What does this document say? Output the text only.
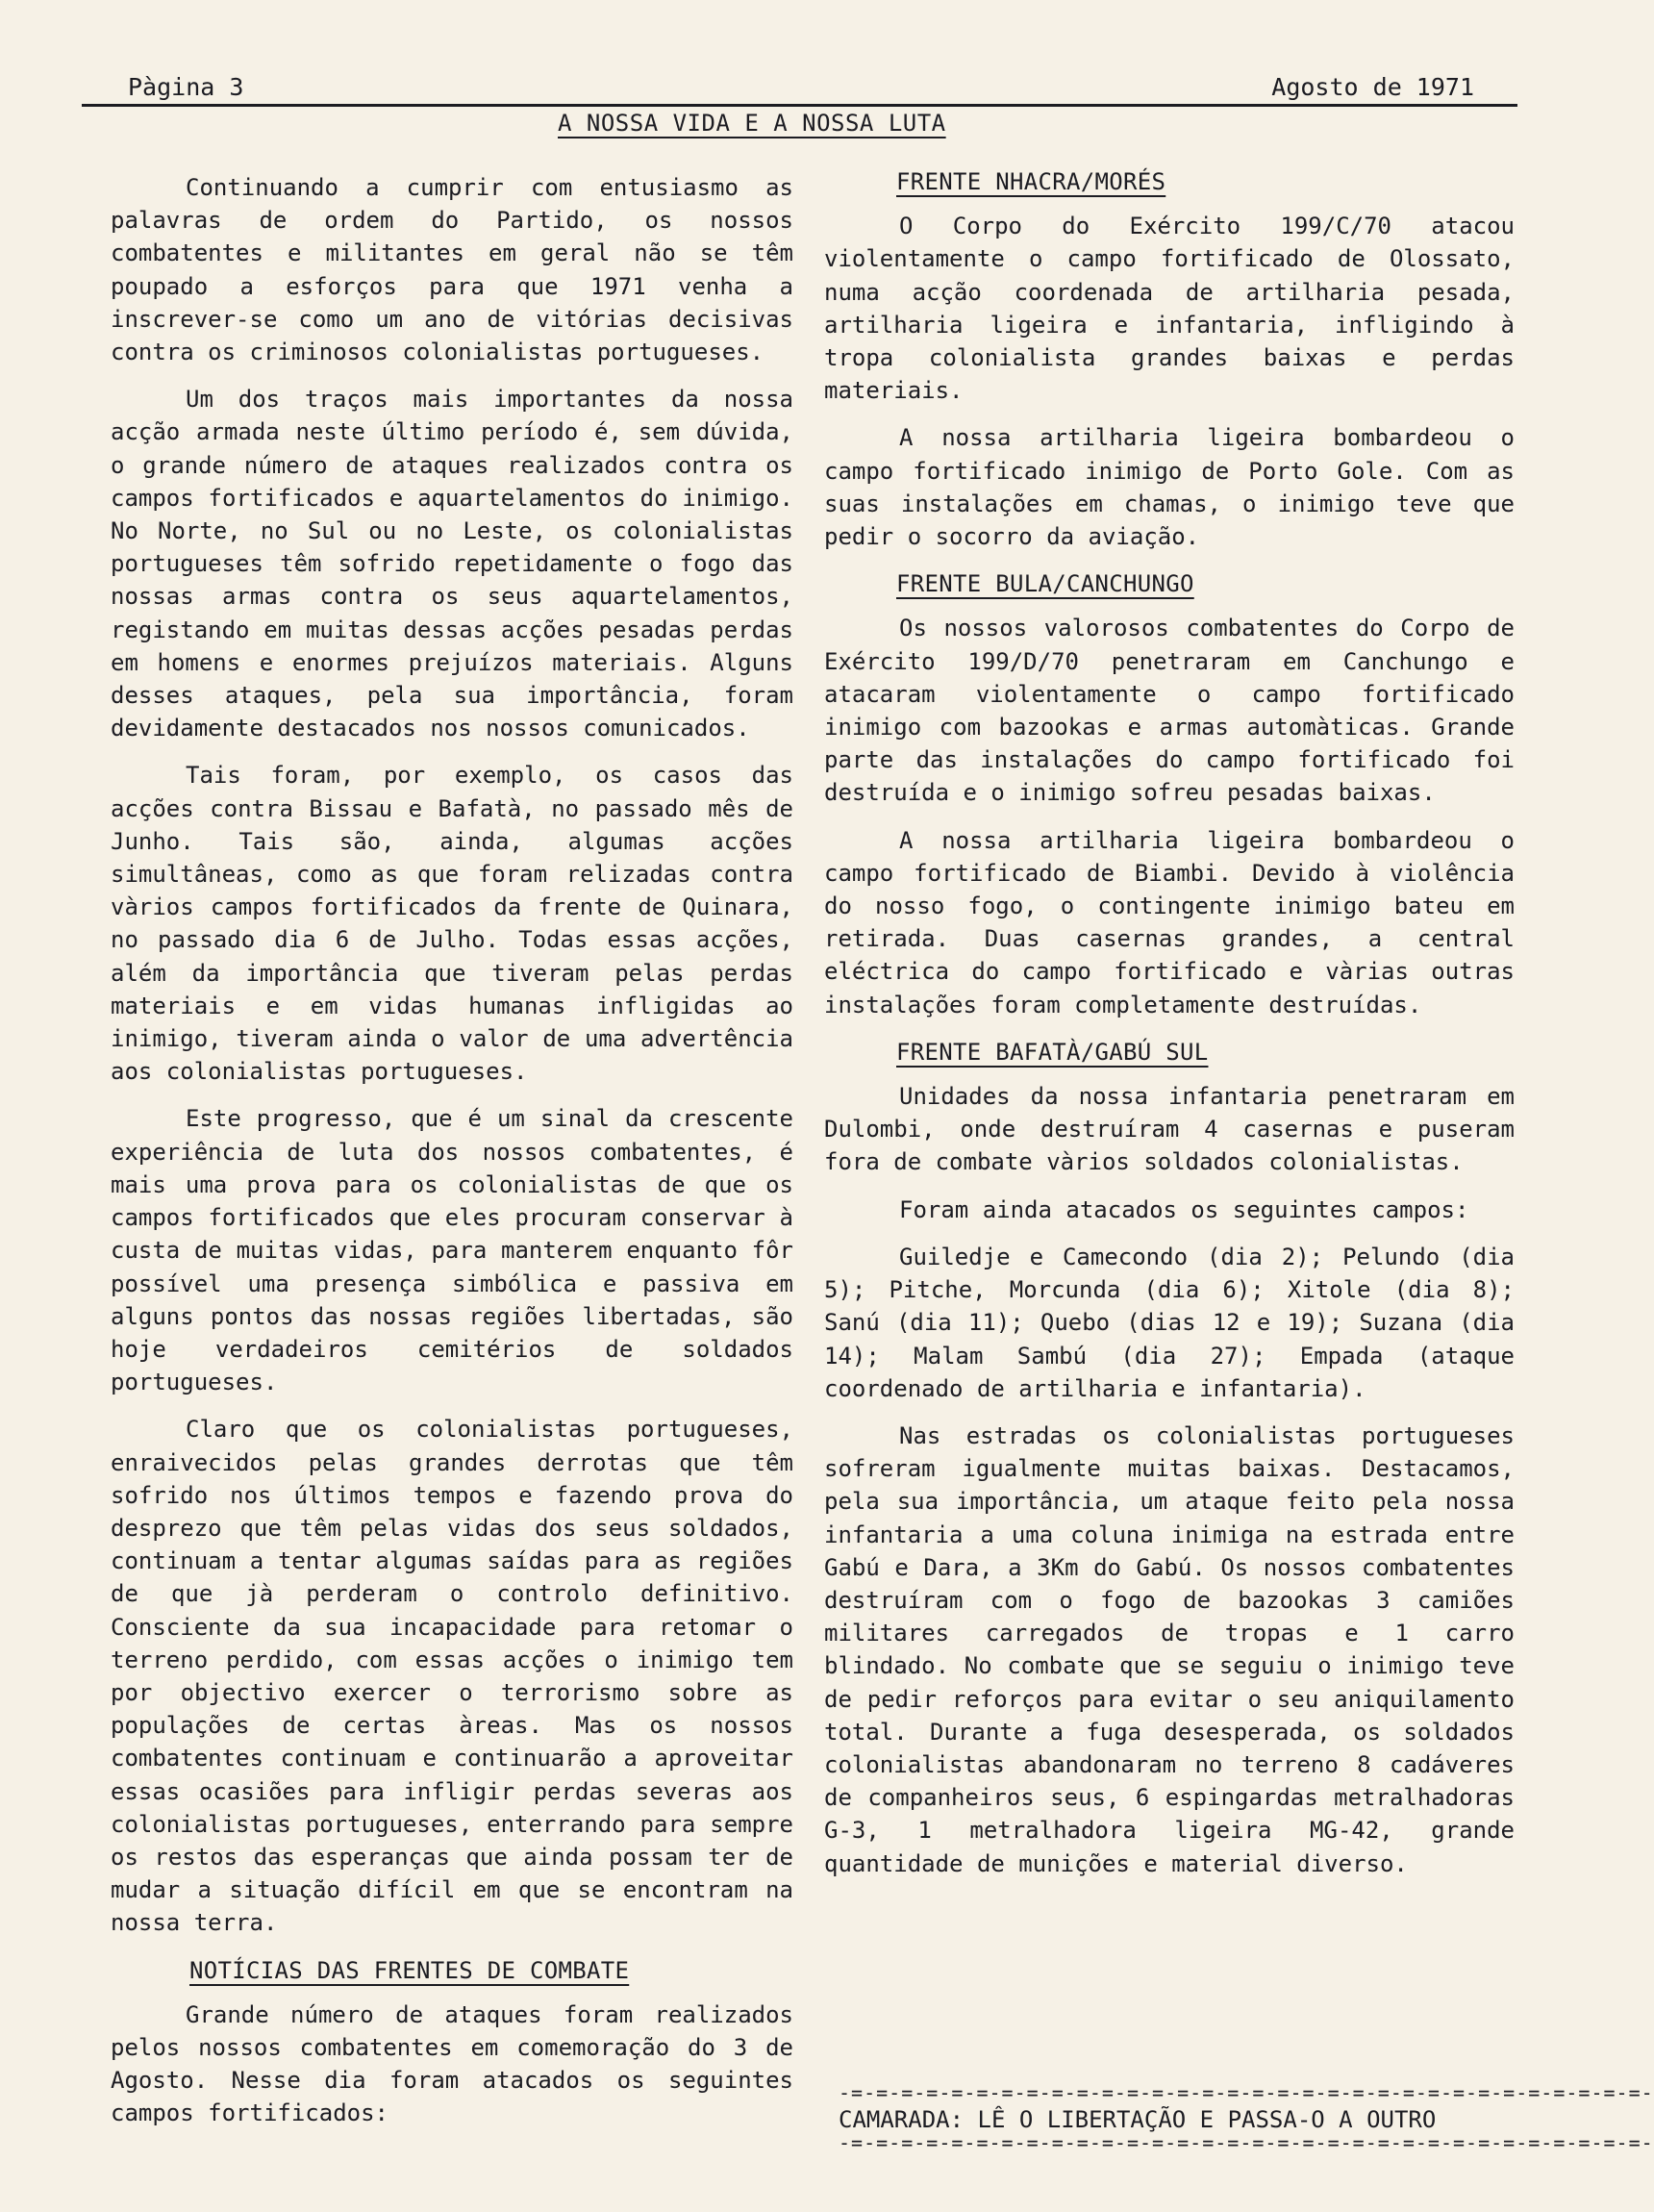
Pàgina 3	Agosto de 1971
A NOSSA VIDA E A NOSSA LUTA

Continuando a cumprir com entusiasmo as palavras de ordem do Partido, os nossos combatentes e militantes em geral não se têm poupado a esforços para que 1971 venha a inscrever-se como um ano de vitórias decisivas contra os criminosos colonialistas portugueses.

Um dos traços mais importantes da nossa acção armada neste último período é, sem dúvida, o grande número de ataques realizados contra os campos fortificados e aquartelamentos do inimigo. No Norte, no Sul ou no Leste, os colonialistas portugueses têm sofrido repetidamente o fogo das nossas armas contra os seus aquartelamentos, registando em muitas dessas acções pesadas perdas em homens e enormes prejuízos materiais. Alguns desses ataques, pela sua importância, foram devidamente destacados nos nossos comunicados.

Tais foram, por exemplo, os casos das acções contra Bissau e Bafatà, no passado mês de Junho. Tais são, ainda, algumas acções simultâneas, como as que foram relizadas contra vàrios campos fortificados da frente de Quinara, no passado dia 6 de Julho. Todas essas acções, além da importância que tiveram pelas perdas materiais e em vidas humanas infligidas ao inimigo, tiveram ainda o valor de uma advertência aos colonialistas portugueses.

Este progresso, que é um sinal da crescente experiência de luta dos nossos combatentes, é mais uma prova para os colonialistas de que os campos fortificados que eles procuram conservar à custa de muitas vidas, para manterem enquanto fôr possível uma presença simbólica e passiva em alguns pontos das nossas regiões libertadas, são hoje verdadeiros cemitérios de soldados portugueses.

Claro que os colonialistas portugueses, enraivecidos pelas grandes derrotas que têm sofrido nos últimos tempos e fazendo prova do desprezo que têm pelas vidas dos seus soldados, continuam a tentar algumas saídas para as regiões de que jà perderam o controlo definitivo. Consciente da sua incapacidade para retomar o terreno perdido, com essas acções o inimigo tem por objectivo exercer o terrorismo sobre as populações de certas àreas. Mas os nossos combatentes continuam e continuarão a aproveitar essas ocasiões para infligir perdas severas aos colonialistas portugueses, enterrando para sempre os restos das esperanças que ainda possam ter de mudar a situação difícil em que se encontram na nossa terra.

NOTÍCIAS DAS FRENTES DE COMBATE

Grande número de ataques foram realizados pelos nossos combatentes em comemoração do 3 de Agosto. Nesse dia foram atacados os seguintes campos fortificados:

FRENTE NHACRA/MORÉS

O Corpo do Exército 199/C/70 atacou violentamente o campo fortificado de Olossato, numa acção coordenada de artilharia pesada, artilharia ligeira e infantaria, infligindo à tropa colonialista grandes baixas e perdas materiais.

A nossa artilharia ligeira bombardeou o campo fortificado inimigo de Porto Gole. Com as suas instalações em chamas, o inimigo teve que pedir o socorro da aviação.

FRENTE BULA/CANCHUNGO

Os nossos valorosos combatentes do Corpo de Exército 199/D/70 penetraram em Canchungo e atacaram violentamente o campo fortificado inimigo com bazookas e armas automàticas. Grande parte das instalações do campo fortificado foi destruída e o inimigo sofreu pesadas baixas.

A nossa artilharia ligeira bombardeou o campo fortificado de Biambi. Devido à violência do nosso fogo, o contingente inimigo bateu em retirada. Duas casernas grandes, a central eléctrica do campo fortificado e vàrias outras instalações foram completamente destruídas.

FRENTE BAFATÀ/GABÚ SUL

Unidades da nossa infantaria penetraram em Dulombi, onde destruíram 4 casernas e puseram fora de combate vàrios soldados colonialistas.

Foram ainda atacados os seguintes campos:

Guiledje e Camecondo (dia 2); Pelundo (dia 5); Pitche, Morcunda (dia 6); Xitole (dia 8); Sanú (dia 11); Quebo (dias 12 e 19); Suzana (dia 14); Malam Sambú (dia 27); Empada (ataque coordenado de artilharia e infantaria).

Nas estradas os colonialistas portugueses sofreram igualmente muitas baixas. Destacamos, pela sua importância, um ataque feito pela nossa infantaria a uma coluna inimiga na estrada entre Gabú e Dara, a 3Km do Gabú. Os nossos combatentes destruíram com o fogo de bazookas 3 camiões militares carregados de tropas e 1 carro blindado. No combate que se seguiu o inimigo teve de pedir reforços para evitar o seu aniquilamento total. Durante a fuga desesperada, os soldados colonialistas abandonaram no terreno 8 cadáveres de companheiros seus, 6 espingardas metralhadoras G-3, 1 metralhadora ligeira MG-42, grande quantidade de munições e material diverso.

-=-=-=-=-=-=-=-=-=-=-=-=-=-=-=-=-=-=-=-=-=-=-=-=-=-=-=-=-=-=-=-=-
CAMARADA: LÊ O LIBERTAÇÃO E PASSA-O A OUTRO
-=-=-=-=-=-=-=-=-=-=-=-=-=-=-=-=-=-=-=-=-=-=-=-=-=-=-=-=-=-=-=-=-
